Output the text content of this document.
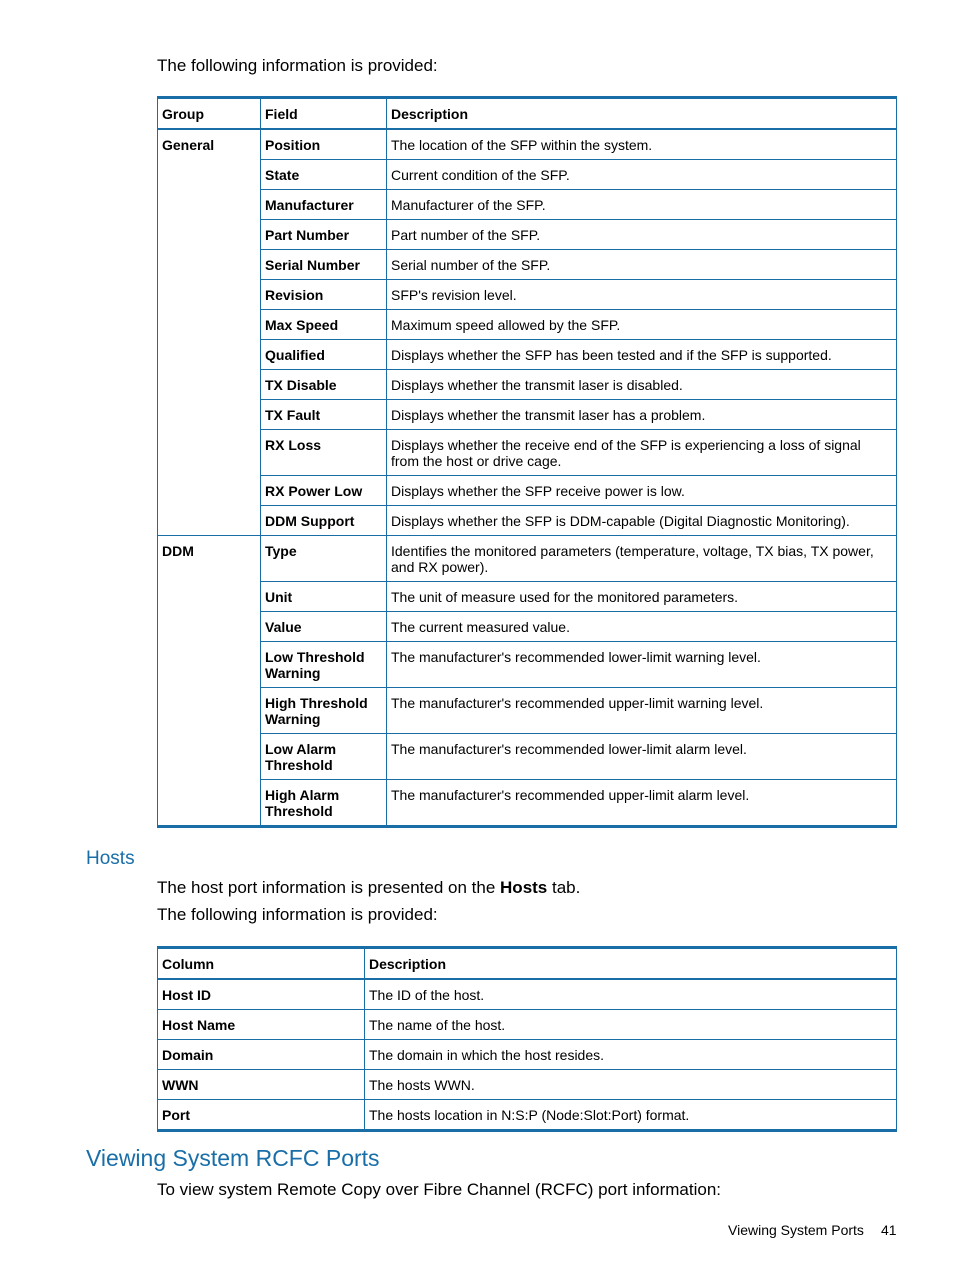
The following information is provided:
Group	Field	Description
General	Position	The location of the SFP within the system.
	State	Current condition of the SFP.
	Manufacturer	Manufacturer of the SFP.
	Part Number	Part number of the SFP.
	Serial Number	Serial number of the SFP.
	Revision	SFP's revision level.
	Max Speed	Maximum speed allowed by the SFP.
	Qualified	Displays whether the SFP has been tested and if the SFP is supported.
	TX Disable	Displays whether the transmit laser is disabled.
	TX Fault	Displays whether the transmit laser has a problem.
	RX Loss	Displays whether the receive end of the SFP is experiencing a loss of signal from the host or drive cage.
	RX Power Low	Displays whether the SFP receive power is low.
	DDM Support	Displays whether the SFP is DDM-capable (Digital Diagnostic Monitoring).
DDM	Type	Identifies the monitored parameters (temperature, voltage, TX bias, TX power, and RX power).
	Unit	The unit of measure used for the monitored parameters.
	Value	The current measured value.
	Low Threshold Warning	The manufacturer's recommended lower-limit warning level.
	High Threshold Warning	The manufacturer's recommended upper-limit warning level.
	Low Alarm Threshold	The manufacturer's recommended lower-limit alarm level.
	High Alarm Threshold	The manufacturer's recommended upper-limit alarm level.
Hosts
The host port information is presented on the Hosts tab.
The following information is provided:
Column	Description
Host ID	The ID of the host.
Host Name	The name of the host.
Domain	The domain in which the host resides.
WWN	The hosts WWN.
Port	The hosts location in N:S:P (Node:Slot:Port) format.
Viewing System RCFC Ports
To view system Remote Copy over Fibre Channel (RCFC) port information:
Viewing System Ports 41
